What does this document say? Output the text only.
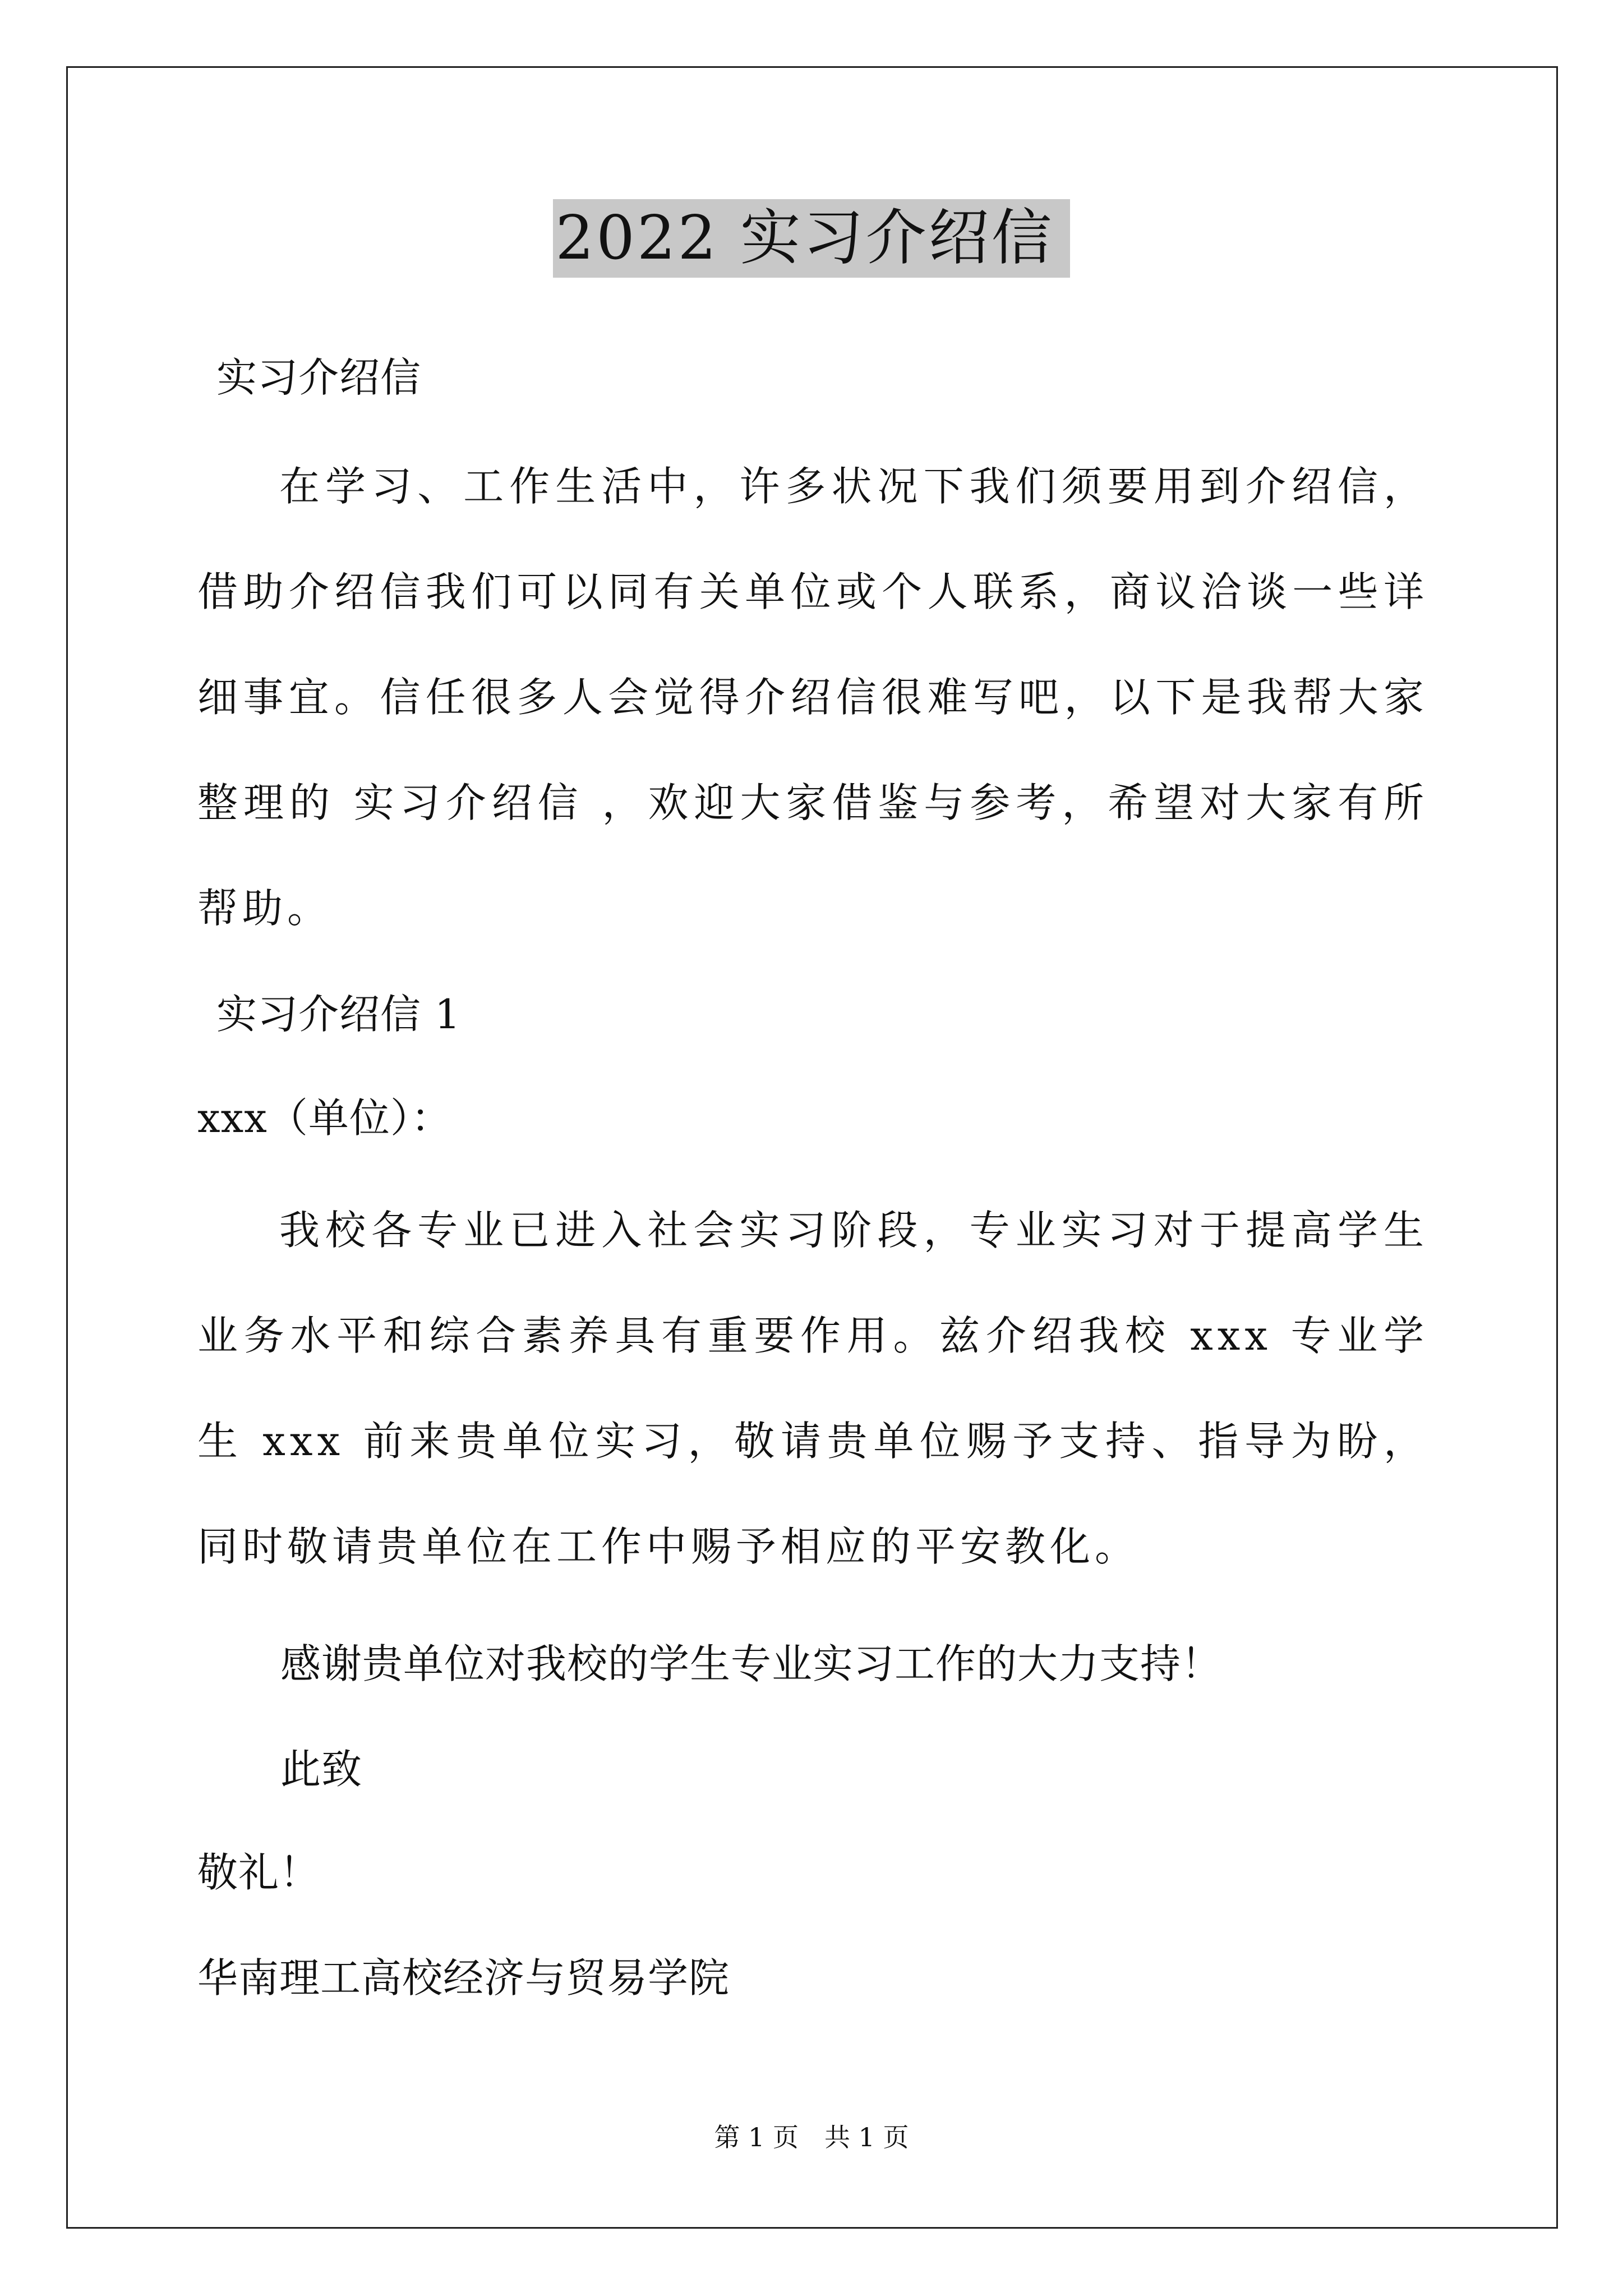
2022 实习介绍信
实习介绍信

在学习、工作生活中，许多状况下我们须要用到介绍信，借助介绍信我们可以同有关单位或个人联系，商议洽谈一些详细事宜。信任很多人会觉得介绍信很难写吧，以下是我帮大家整理的 实习介绍信 ，欢迎大家借鉴与参考，希望对大家有所帮助。

实习介绍信 1
xxx（单位）：

我校各专业已进入社会实习阶段，专业实习对于提高学生业务水平和综合素养具有重要作用。兹介绍我校 xxx 专业学生 xxx 前来贵单位实习，敬请贵单位赐予支持、指导为盼，同时敬请贵单位在工作中赐予相应的平安教化。

感谢贵单位对我校的学生专业实习工作的大力支持！
此致
敬礼！
华南理工高校经济与贸易学院
第 1 页　共 1 页
